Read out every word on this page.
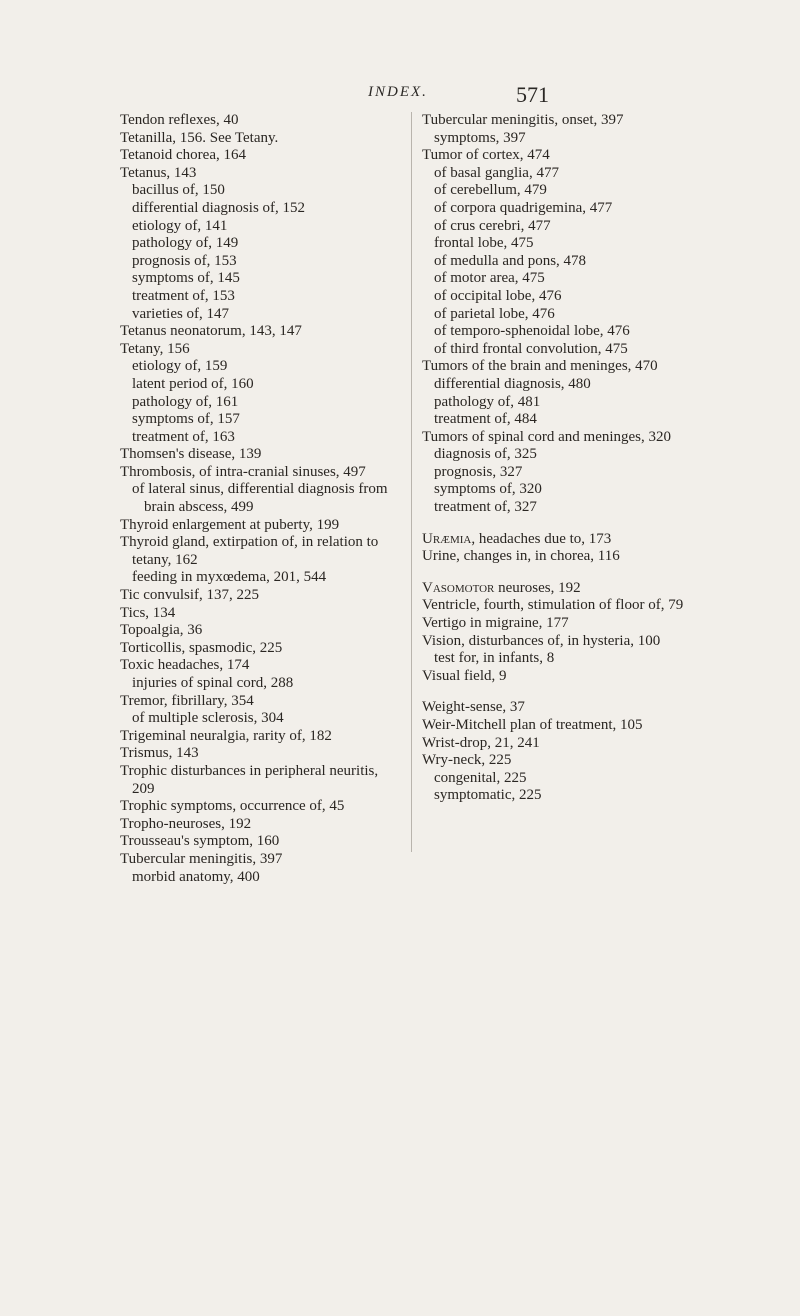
INDEX.	571

Tendon reflexes, 40

Tetanilla, 156. See Tetany.

Tetanoid chorea, 164

Tetanus, 143

bacillus of, 150

differential diagnosis of, 152

etiology of, 141

pathology of, 149

prognosis of, 153

symptoms of, 145

treatment of, 153

varieties of, 147

Tetanus neonatorum, 143, 147

Tetany, 156

etiology of, 159

latent period of, 160

pathology of, 161

symptoms of, 157

treatment of, 163

Thomsen's disease, 139

Thrombosis, of intra-cranial sinuses, 497

of lateral sinus, differential diagnosis from brain abscess, 499

Thyroid enlargement at puberty, 199

Thyroid gland, extirpation of, in relation to tetany, 162

feeding in myxœdema, 201, 544

Tic convulsif, 137, 225

Tics, 134

Topoalgia, 36

Torticollis, spasmodic, 225

Toxic headaches, 174

injuries of spinal cord, 288

Tremor, fibrillary, 354

of multiple sclerosis, 304

Trigeminal neuralgia, rarity of, 182

Trismus, 143

Trophic disturbances in peripheral neuritis, 209

Trophic symptoms, occurrence of, 45

Tropho-neuroses, 192

Trousseau's symptom, 160

Tubercular meningitis, 397

morbid anatomy, 400

Tubercular meningitis, onset, 397

symptoms, 397

Tumor of cortex, 474

of basal ganglia, 477

of cerebellum, 479

of corpora quadrigemina, 477

of crus cerebri, 477

frontal lobe, 475

of medulla and pons, 478

of motor area, 475

of occipital lobe, 476

of parietal lobe, 476

of temporo-sphenoidal lobe, 476

of third frontal convolution, 475

Tumors of the brain and meninges, 470

differential diagnosis, 480

pathology of, 481

treatment of, 484

Tumors of spinal cord and meninges, 320

diagnosis of, 325

prognosis, 327

symptoms of, 320

treatment of, 327

Uræmia, headaches due to, 173

Urine, changes in, in chorea, 116

Vasomotor neuroses, 192

Ventricle, fourth, stimulation of floor of, 79

Vertigo in migraine, 177

Vision, disturbances of, in hysteria, 100

test for, in infants, 8

Visual field, 9

Weight-sense, 37

Weir-Mitchell plan of treatment, 105

Wrist-drop, 21, 241

Wry-neck, 225

congenital, 225

symptomatic, 225
